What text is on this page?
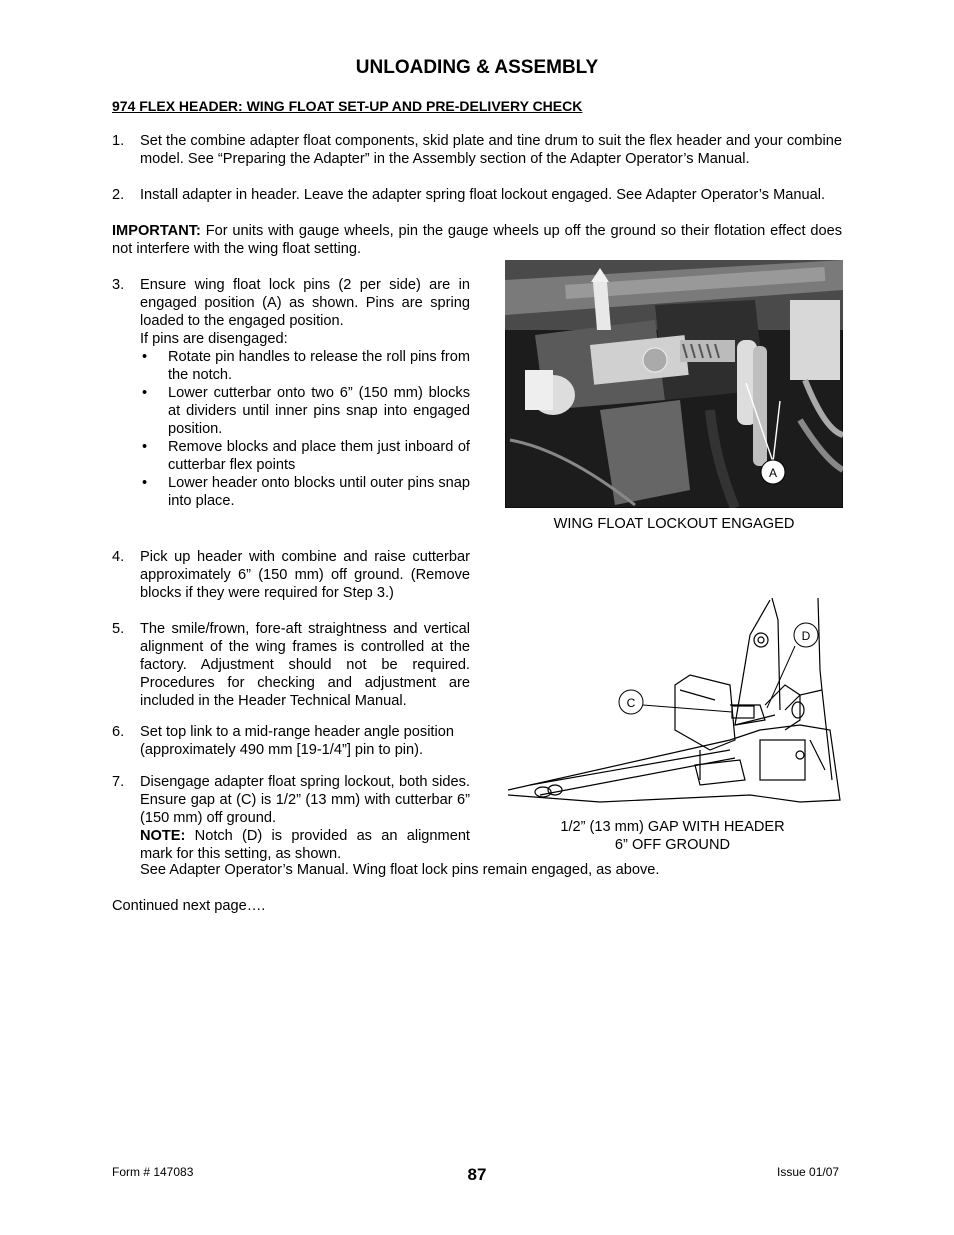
UNLOADING & ASSEMBLY
974 FLEX HEADER: WING FLOAT SET-UP AND PRE-DELIVERY CHECK
1. Set the combine adapter float components, skid plate and tine drum to suit the flex header and your combine model. See “Preparing the Adapter” in the Assembly section of the Adapter Operator’s Manual.
2. Install adapter in header. Leave the adapter spring float lockout engaged. See Adapter Operator’s Manual.
IMPORTANT: For units with gauge wheels, pin the gauge wheels up off the ground so their flotation effect does not interfere with the wing float setting.
3. Ensure wing float lock pins (2 per side) are in engaged position (A) as shown. Pins are spring loaded to the engaged position.
If pins are disengaged:
• Rotate pin handles to release the roll pins from the notch.
• Lower cutterbar onto two 6” (150 mm) blocks at dividers until inner pins snap into engaged position.
• Remove blocks and place them just inboard of cutterbar flex points
• Lower header onto blocks until outer pins snap into place.
A
WING FLOAT LOCKOUT ENGAGED
4. Pick up header with combine and raise cutterbar approximately 6” (150 mm) off ground. (Remove blocks if they were required for Step 3.)
5. The smile/frown, fore-aft straightness and vertical alignment of the wing frames is controlled at the factory. Adjustment should not be required. Procedures for checking and adjustment are included in the Header Technical Manual.
6. Set top link to a mid-range header angle position (approximately 490 mm [19-1/4”] pin to pin).
7. Disengage adapter float spring lockout, both sides. Ensure gap at (C) is 1/2” (13 mm) with cutterbar 6” (150 mm) off ground.
NOTE: Notch (D) is provided as an alignment mark for this setting, as shown.
See Adapter Operator’s Manual. Wing float lock pins remain engaged, as above.
C
D
1/2” (13 mm) GAP WITH HEADER
6” OFF GROUND
Continued next page….
Form # 147083	87	Issue 01/07
